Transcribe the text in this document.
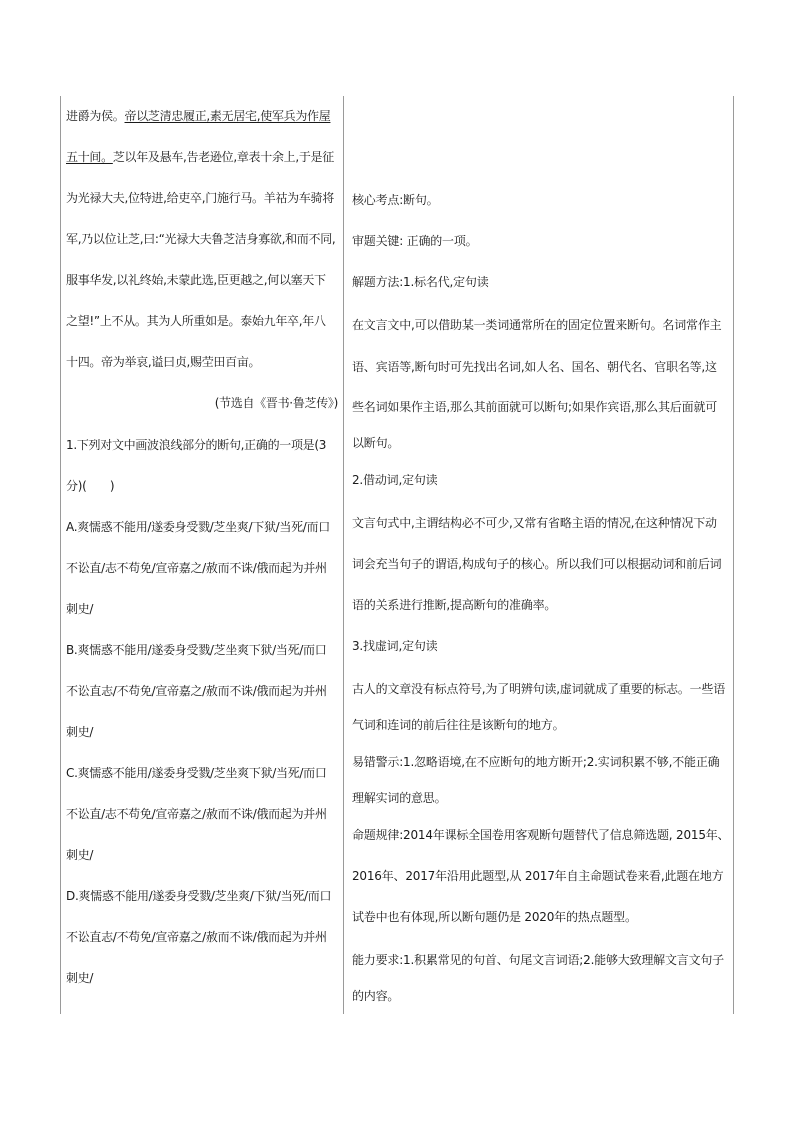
进爵为侯。帝以芝清忠履正,素无居宅,使军兵为作屋
五十间。芝以年及悬车,告老逊位,章表十余上,于是征
为光禄大夫,位特进,给吏卒,门施行马。羊祜为车骑将
军,乃以位让芝,曰:“光禄大夫鲁芝洁身寡欲,和而不同,
服事华发,以礼终始,未蒙此选,臣更越之,何以塞天下
之望!”上不从。其为人所重如是。泰始九年卒,年八
十四。帝为举哀,谥曰贞,赐茔田百亩。
(节选自《晋书·鲁芝传》)
1.下列对文中画波浪线部分的断句,正确的一项是(3
分)(　　)
A.爽懦惑不能用/遂委身受戮/芝坐爽/下狱/当死/而口
不讼直/志不苟免/宣帝嘉之/赦而不诛/俄而起为并州
刺史/
B.爽懦惑不能用/遂委身受戮/芝坐爽下狱/当死/而口
不讼直志/不苟免/宣帝嘉之/赦而不诛/俄而起为并州
刺史/
C.爽懦惑不能用/遂委身受戮/芝坐爽下狱/当死/而口
不讼直/志不苟免/宣帝嘉之/赦而不诛/俄而起为并州
刺史/
D.爽懦惑不能用/遂委身受戮/芝坐爽/下狱/当死/而口
不讼直志/不苟免/宣帝嘉之/赦而不诛/俄而起为并州
刺史/
核心考点:断句。
审题关键: 正确的一项。
解题方法:1.标名代,定句读
在文言文中,可以借助某一类词通常所在的固定位置来断句。名词常作主
语、宾语等,断句时可先找出名词,如人名、国名、朝代名、官职名等,这
些名词如果作主语,那么其前面就可以断句;如果作宾语,那么其后面就可
以断句。
2.借动词,定句读
文言句式中,主谓结构必不可少,又常有省略主语的情况,在这种情况下动
词会充当句子的谓语,构成句子的核心。所以我们可以根据动词和前后词
语的关系进行推断,提高断句的准确率。
3.找虚词,定句读
古人的文章没有标点符号,为了明辨句读,虚词就成了重要的标志。一些语
气词和连词的前后往往是该断句的地方。
易错警示:1.忽略语境,在不应断句的地方断开;2.实词积累不够,不能正确
理解实词的意思。
命题规律:2014年课标全国卷用客观断句题替代了信息筛选题, 2015年、
2016年、2017年沿用此题型,从 2017年自主命题试卷来看,此题在地方
试卷中也有体现,所以断句题仍是 2020年的热点题型。
能力要求:1.积累常见的句首、句尾文言词语;2.能够大致理解文言文句子
的内容。
